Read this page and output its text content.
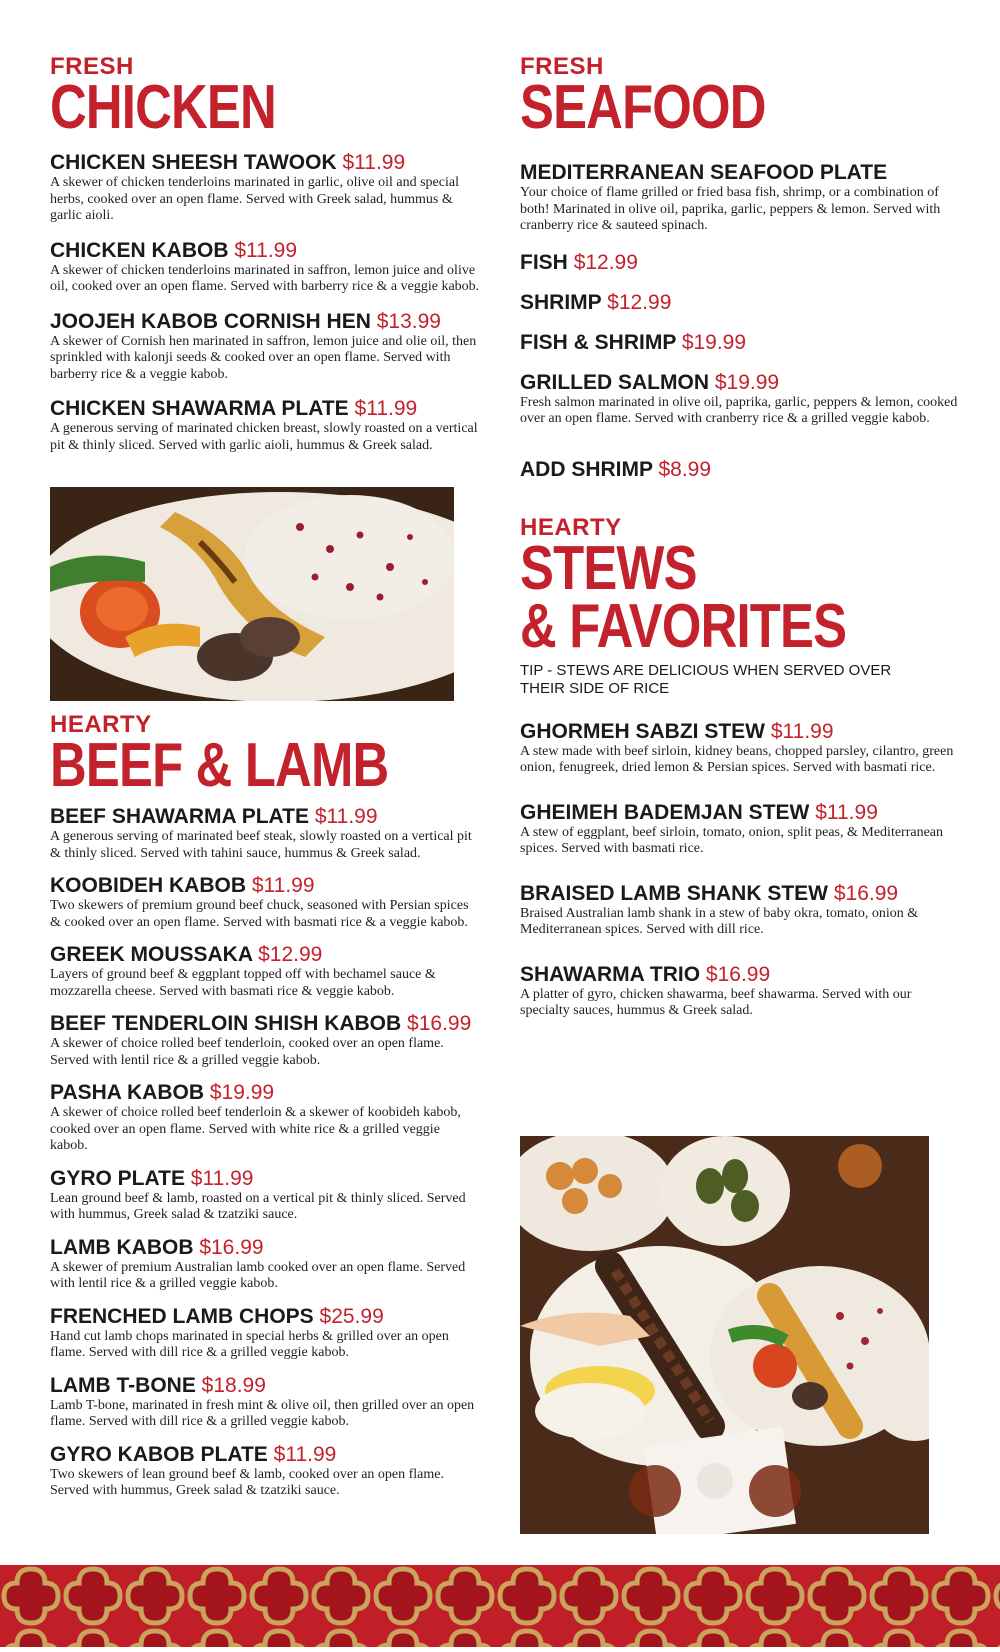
FRESH

CHICKEN

CHICKEN SHEESH TAWOOK $11.99

A skewer of chicken tenderloins marinated in garlic, olive oil and special herbs, cooked over an open flame. Served with Greek salad, hummus & garlic aioli.

CHICKEN KABOB $11.99

A skewer of chicken tenderloins marinated in saffron, lemon juice and olive oil, cooked over an open flame. Served with barberry rice & a veggie kabob.

JOOJEH KABOB CORNISH HEN $13.99

A skewer of Cornish hen marinated in saffron, lemon juice and olie oil, then sprinkled with kalonji seeds & cooked over an open flame. Served with barberry rice & a veggie kabob.

CHICKEN SHAWARMA PLATE $11.99

A generous serving of marinated chicken breast, slowly roasted on a vertical pit & thinly sliced. Served with garlic aioli, hummus & Greek salad.

HEARTY

BEEF & LAMB

BEEF SHAWARMA PLATE $11.99

A generous serving of marinated beef steak, slowly roasted on a vertical pit & thinly sliced. Served with tahini sauce, hummus & Greek salad.

KOOBIDEH KABOB $11.99

Two skewers of premium ground beef chuck, seasoned with Persian spices & cooked over an open flame. Served with basmati rice & a veggie kabob.

GREEK MOUSSAKA $12.99

Layers of ground beef & eggplant topped off with bechamel sauce & mozzarella cheese. Served with basmati rice & veggie kabob.

BEEF TENDERLOIN SHISH KABOB $16.99

A skewer of choice rolled beef tenderloin, cooked over an open flame. Served with lentil rice & a grilled veggie kabob.

PASHA KABOB $19.99

A skewer of choice rolled beef tenderloin & a skewer of koobideh kabob, cooked over an open flame. Served with white rice & a grilled veggie kabob.

GYRO PLATE $11.99

Lean ground beef & lamb, roasted on a vertical pit & thinly sliced. Served with hummus, Greek salad & tzatziki sauce.

LAMB KABOB $16.99

A skewer of premium Australian lamb cooked over an open flame. Served with lentil rice & a grilled veggie kabob.

FRENCHED LAMB CHOPS $25.99

Hand cut lamb chops marinated in special herbs & grilled over an open flame. Served with dill rice & a grilled veggie kabob.

LAMB T-BONE $18.99

Lamb T-bone, marinated in fresh mint & olive oil, then grilled over an open flame. Served with dill rice & a grilled veggie kabob.

GYRO KABOB PLATE $11.99

Two skewers of lean ground beef & lamb, cooked over an open flame. Served with hummus, Greek salad & tzatziki sauce.

FRESH

SEAFOOD

MEDITERRANEAN SEAFOOD PLATE

Your choice of flame grilled or fried basa fish, shrimp, or a combination of both! Marinated in olive oil, paprika, garlic, peppers & lemon. Served with cranberry rice & sauteed spinach.

FISH $12.99
SHRIMP $12.99
FISH & SHRIMP $19.99
GRILLED SALMON $19.99

Fresh salmon marinated in olive oil, paprika, garlic, peppers & lemon, cooked over an open flame. Served with cranberry rice & a grilled veggie kabob.

ADD SHRIMP $8.99

HEARTY

STEWS

& FAVORITES

TIP - STEWS ARE DELICIOUS WHEN SERVED OVER THEIR SIDE OF RICE

GHORMEH SABZI STEW $11.99

A stew made with beef sirloin, kidney beans, chopped parsley, cilantro, green onion, fenugreek, dried lemon & Persian spices. Served with basmati rice.

GHEIMEH BADEMJAN STEW $11.99

A stew of eggplant, beef sirloin, tomato, onion, split peas, & Mediterranean spices. Served with basmati rice.

BRAISED LAMB SHANK STEW $16.99

Braised Australian lamb shank in a stew of baby okra, tomato, onion & Mediterranean spices. Served with dill rice.

SHAWARMA TRIO $16.99

A platter of gyro, chicken shawarma, beef shawarma. Served with our specialty sauces, hummus & Greek salad.
